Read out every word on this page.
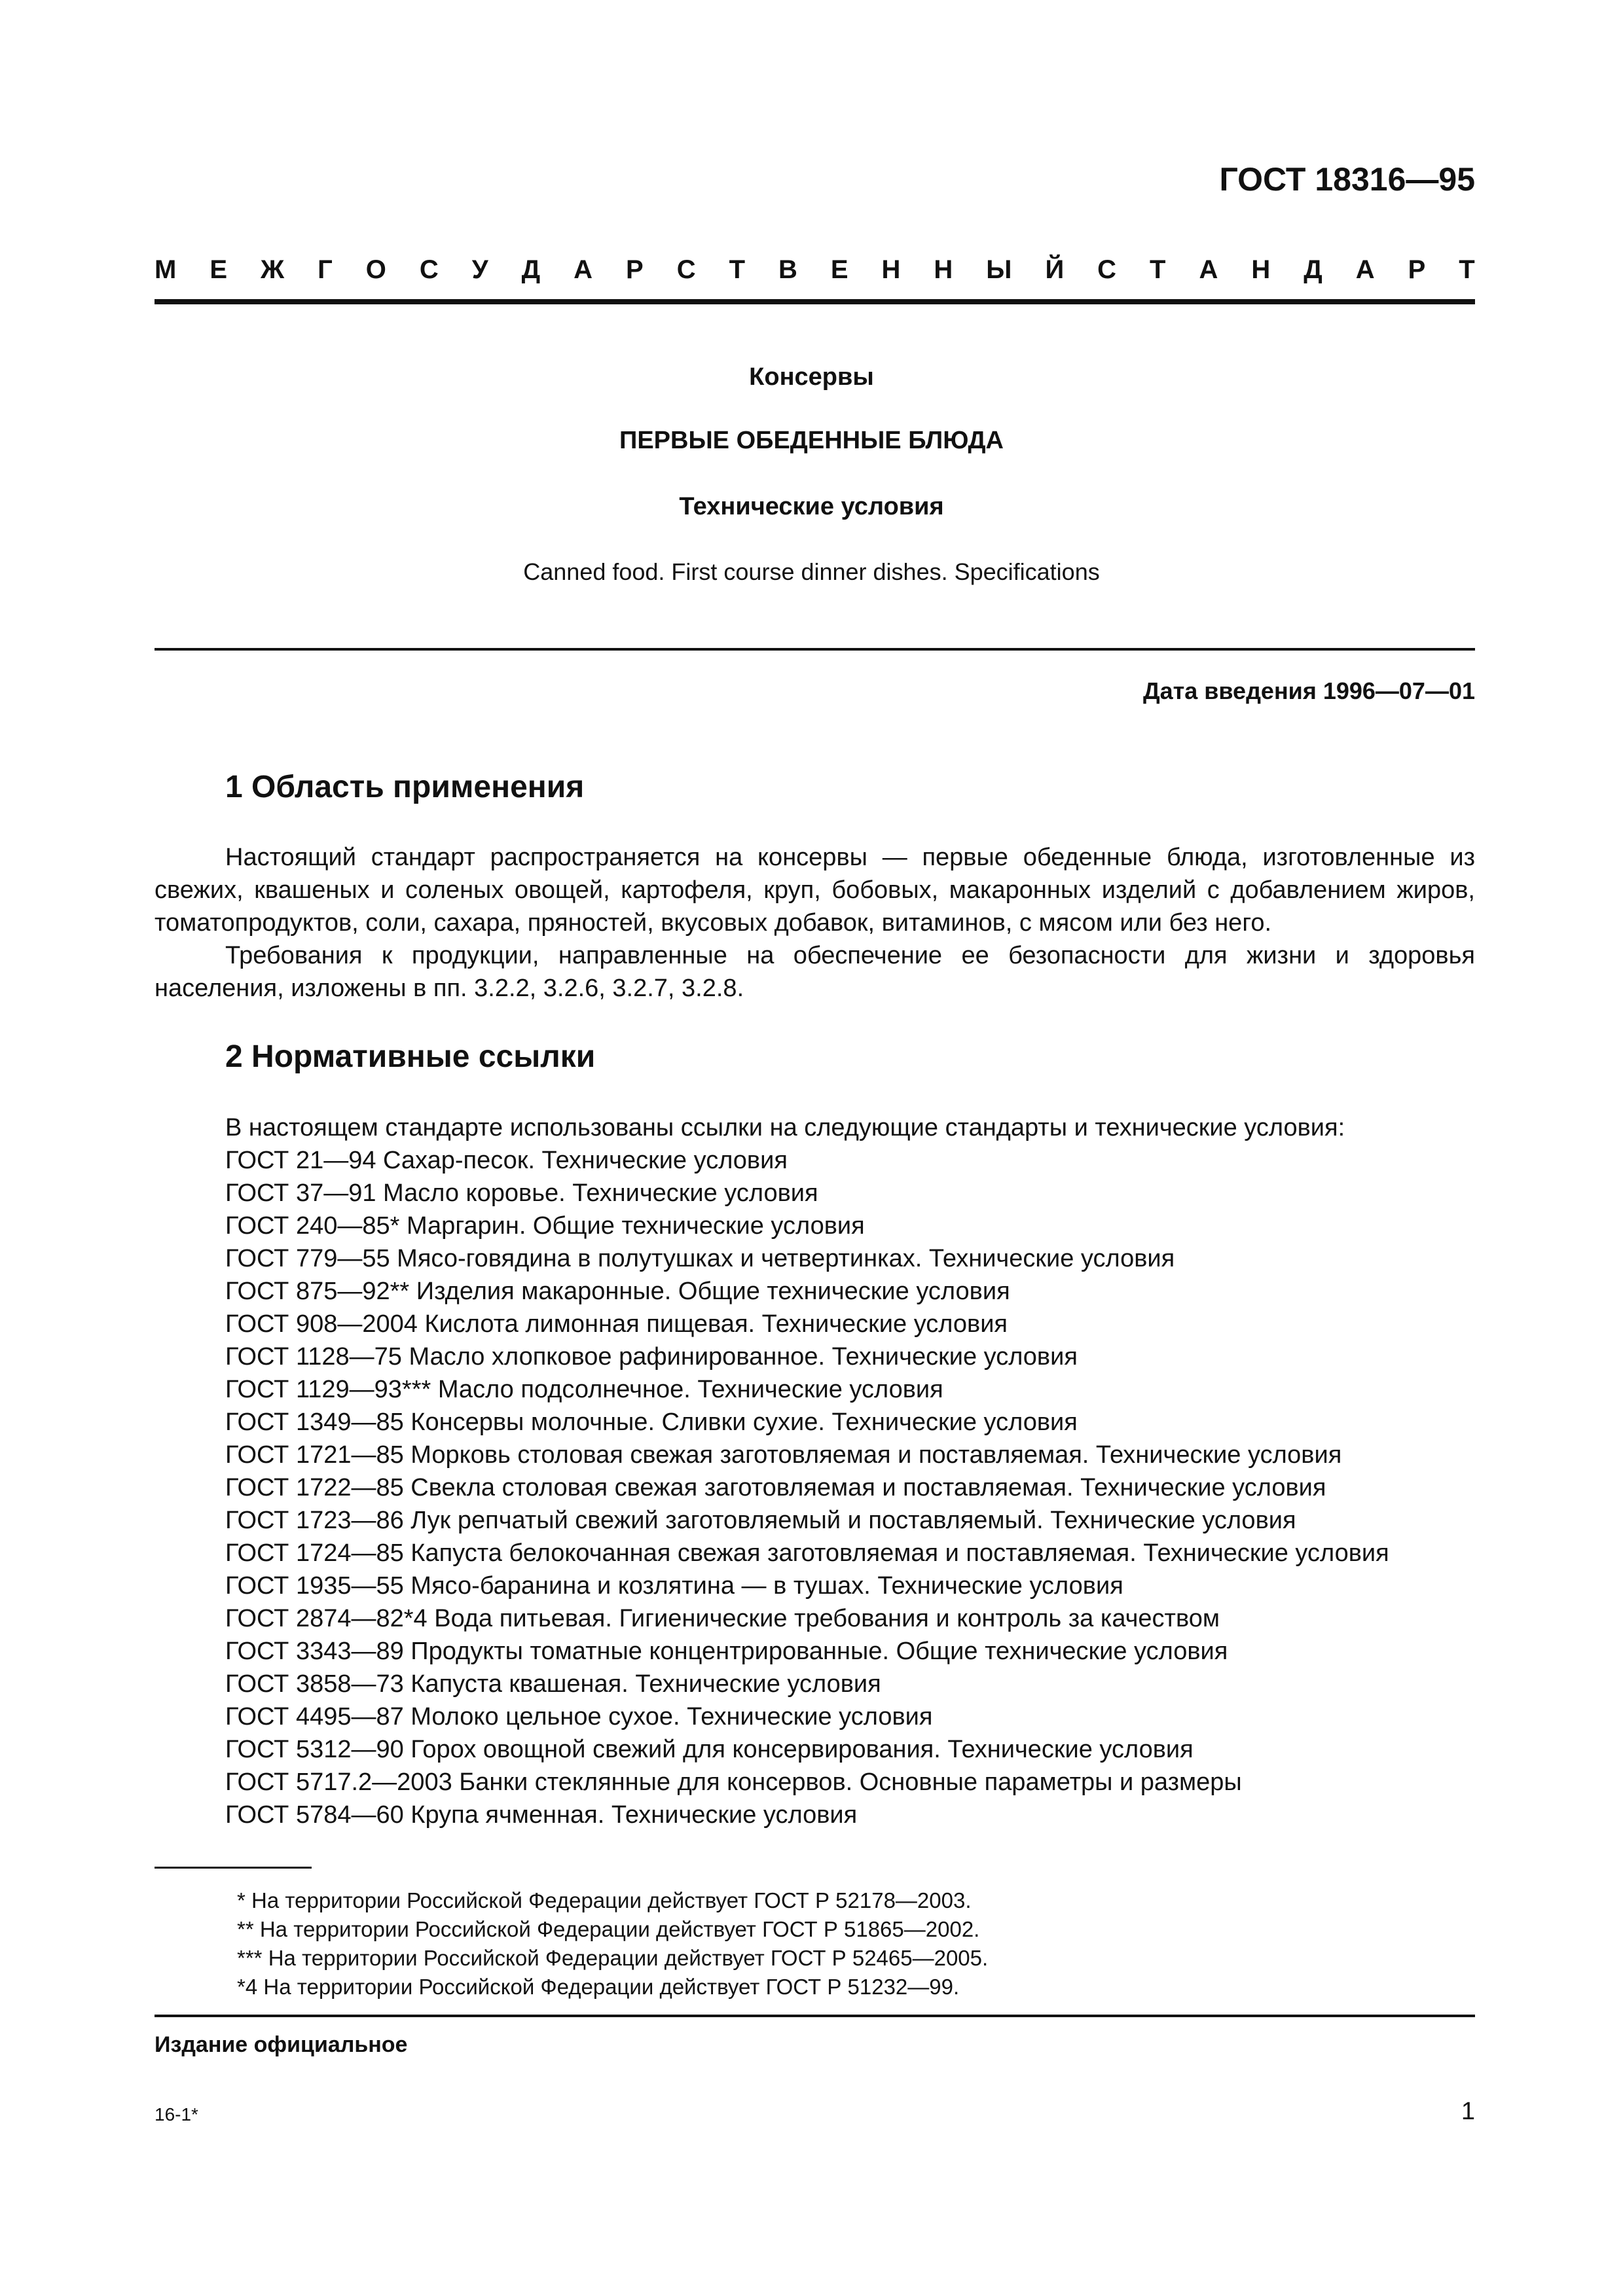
ГОСТ 18316—95
М Е Ж Г О С У Д А Р С Т В Е Н Н Ы Й С Т А Н Д А Р Т
Консервы
ПЕРВЫЕ ОБЕДЕННЫЕ БЛЮДА
Технические условия
Canned food. First course dinner dishes. Specifications
Дата введения 1996—07—01
1 Область применения

Настоящий стандарт распространяется на консервы — первые обеденные блюда, изготовленные из свежих, квашеных и соленых овощей, картофеля, круп, бобовых, макаронных изделий с добавлением жиров, томатопродуктов, соли, сахара, пряностей, вкусовых добавок, витаминов, с мясом или без него.

Требования к продукции, направленные на обеспечение ее безопасности для жизни и здоровья населения, изложены в пп. 3.2.2, 3.2.6, 3.2.7, 3.2.8.

2 Нормативные ссылки
В настоящем стандарте использованы ссылки на следующие стандарты и технические условия:
ГОСТ 21—94 Сахар-песок. Технические условия
ГОСТ 37—91 Масло коровье. Технические условия
ГОСТ 240—85* Маргарин. Общие технические условия
ГОСТ 779—55 Мясо-говядина в полутушках и четвертинках. Технические условия
ГОСТ 875—92** Изделия макаронные. Общие технические условия
ГОСТ 908—2004 Кислота лимонная пищевая. Технические условия
ГОСТ 1128—75 Масло хлопковое рафинированное. Технические условия
ГОСТ 1129—93*** Масло подсолнечное. Технические условия
ГОСТ 1349—85 Консервы молочные. Сливки сухие. Технические условия
ГОСТ 1721—85 Морковь столовая свежая заготовляемая и поставляемая. Технические условия
ГОСТ 1722—85 Свекла столовая свежая заготовляемая и поставляемая. Технические условия
ГОСТ 1723—86 Лук репчатый свежий заготовляемый и поставляемый. Технические условия
ГОСТ 1724—85 Капуста белокочанная свежая заготовляемая и поставляемая. Технические условия
ГОСТ 1935—55 Мясо-баранина и козлятина — в тушах. Технические условия
ГОСТ 2874—82*4 Вода питьевая. Гигиенические требования и контроль за качеством
ГОСТ 3343—89 Продукты томатные концентрированные. Общие технические условия
ГОСТ 3858—73 Капуста квашеная. Технические условия
ГОСТ 4495—87 Молоко цельное сухое. Технические условия
ГОСТ 5312—90 Горох овощной свежий для консервирования. Технические условия
ГОСТ 5717.2—2003 Банки стеклянные для консервов. Основные параметры и размеры
ГОСТ 5784—60 Крупа ячменная. Технические условия
* На территории Российской Федерации действует ГОСТ Р 52178—2003.
** На территории Российской Федерации действует ГОСТ Р 51865—2002.
*** На территории Российской Федерации действует ГОСТ Р 52465—2005.
*4 На территории Российской Федерации действует ГОСТ Р 51232—99.
Издание официальное
16-1*	1
